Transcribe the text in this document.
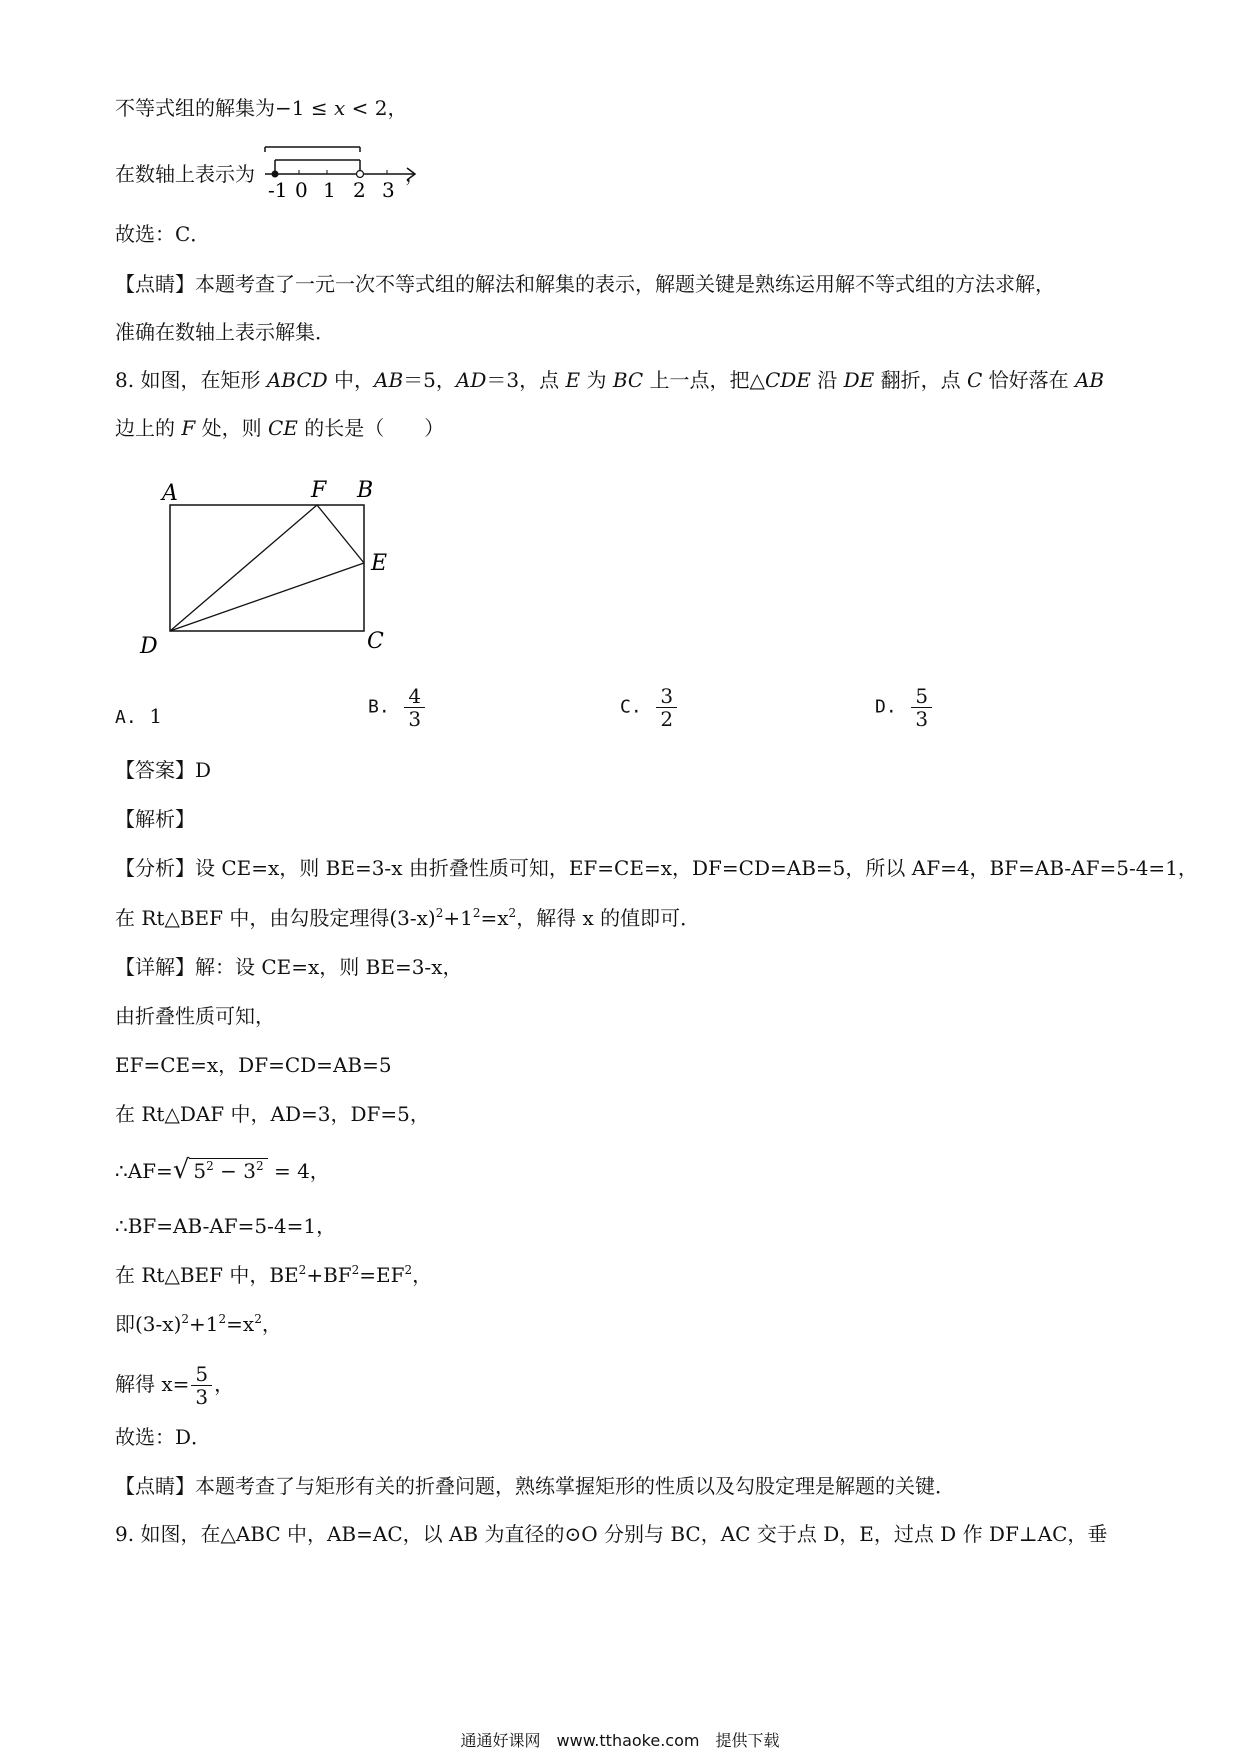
不等式组的解集为−1 ≤ x < 2，
在数轴上表示为	，
-1 0 1 2 3
故选：C．
【点睛】本题考查了一元一次不等式组的解法和解集的表示，解题关键是熟练运用解不等式组的方法求解，
准确在数轴上表示解集．
8. 如图，在矩形 ABCD 中，AB＝5，AD＝3，点 E 为 BC 上一点，把△CDE 沿 DE 翻折，点 C 恰好落在 AB
边上的 F 处，则 CE 的长是（　　）
A	F B
E
D	C
A. 1	B. $\frac{4}{3}$	C. $\frac{3}{2}$	D. $\frac{5}{3}$
【答案】D
【解析】
【分析】设 CE=x，则 BE=3-x 由折叠性质可知，EF=CE=x，DF=CD=AB=5，所以 AF=4，BF=AB-AF=5-4=1，
在 Rt△BEF 中，由勾股定理得$(3-x)^2+1^2=x^2$，解得 x 的值即可．
【详解】解：设 CE=x，则 BE=3-x，
由折叠性质可知，
EF=CE=x，DF=CD=AB=5
在 Rt△DAF 中，AD=3，DF=5，
∴AF=√ $5^2 - 3^2 = 4$，
∴BF=AB-AF=5-4=1，
在 Rt△BEF 中，$BE^2+BF^2=EF^2$，
即$(3-x)^2+1^2=x^2$，
解得 $x= \frac{5}{3}$ ，
故选：D．
【点睛】本题考查了与矩形有关的折叠问题，熟练掌握矩形的性质以及勾股定理是解题的关键．
9. 如图，在△ABC 中，AB=AC，以 AB 为直径的⊙O 分别与 BC，AC 交于点 D，E，过点 D 作 DF⊥AC，垂
通通好课网　www.tthaoke.com　提供下载
